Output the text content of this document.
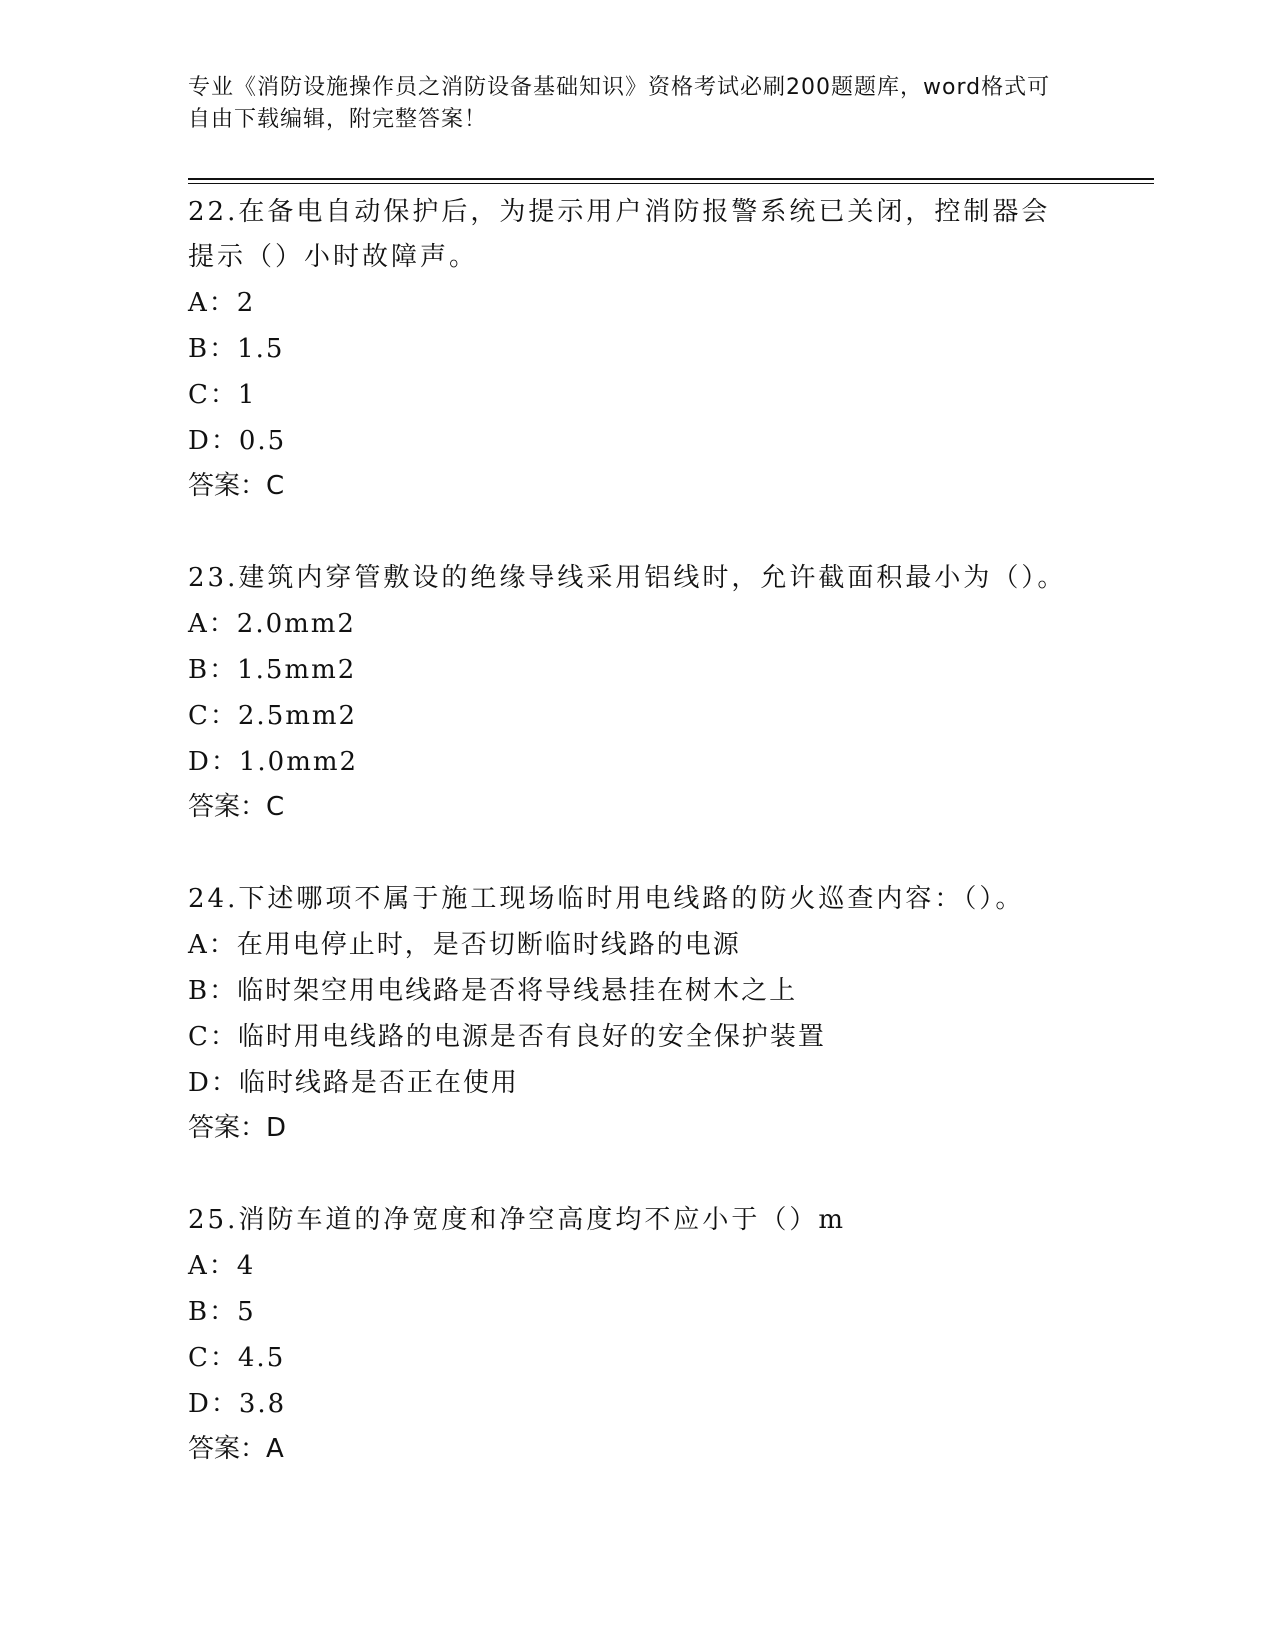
专业《消防设施操作员之消防设备基础知识》资格考试必刷200题题库，word格式可自由下载编辑，附完整答案！

22.在备电自动保护后，为提示用户消防报警系统已关闭，控制器会提示（）小时故障声。

A：2

B：1.5

C：1

D：0.5

答案：C

23.建筑内穿管敷设的绝缘导线采用铝线时，允许截面积最小为（）。

A：2.0mm2

B：1.5mm2

C：2.5mm2

D：1.0mm2

答案：C

24.下述哪项不属于施工现场临时用电线路的防火巡查内容：（）。

A：在用电停止时，是否切断临时线路的电源

B：临时架空用电线路是否将导线悬挂在树木之上

C：临时用电线路的电源是否有良好的安全保护装置

D：临时线路是否正在使用

答案：D

25.消防车道的净宽度和净空高度均不应小于（）m

A：4

B：5

C：4.5

D：3.8

答案：A
